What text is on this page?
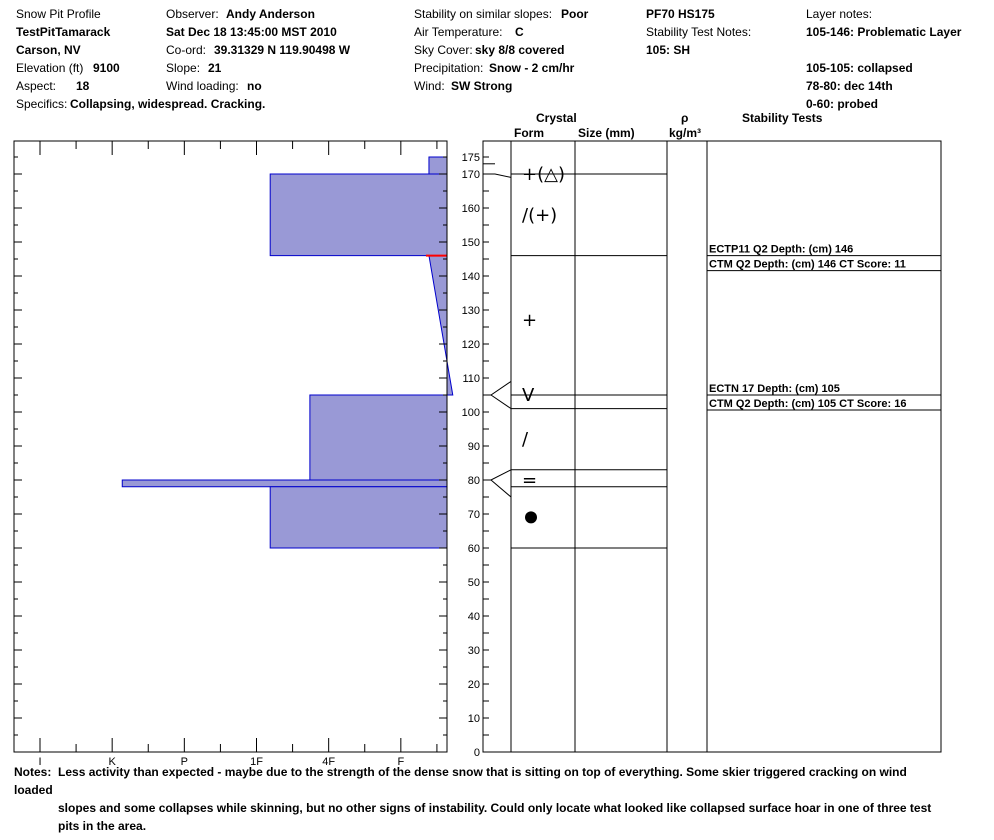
Snow Pit Profile
TestPitTamarack
Carson, NV
Elevation (ft) 9100
Aspect: 18
Specifics: Collapsing, widespread. Cracking.
Observer: Andy Anderson
Sat Dec 18 13:45:00 MST 2010
Co-ord: 39.31329 N 119.90498 W
Slope: 21
Wind loading: no
Stability on similar slopes: Poor
Air Temperature: C
Sky Cover: sky 8/8 covered
Precipitation: Snow - 2 cm/hr
Wind: SW Strong
PF70 HS175
Stability Test Notes:
105: SH
Layer notes:
105-146: Problematic Layer
105-105: collapsed
78-80: dec 14th
0-60: probed
Crystal
Form	Size (mm)
ρ
kg/m³
Stability Tests
I	K	P	1F	4F	F
0
10
20
30
40
50
60
70
80
90
100
110
120
130
140
150
160
170
175
+(△)
/(+)
+
V
/
=
ECTP11 Q2 Depth: (cm) 146
CTM Q2 Depth: (cm) 146 CT Score: 11
ECTN 17 Depth: (cm) 105
CTM Q2 Depth: (cm) 105 CT Score: 16
Notes: Less activity than expected - maybe due to the strength of the dense snow that is sitting on top of everything. Some skier triggered cracking on wind loaded
slopes and some collapses while skinning, but no other signs of instability. Could only locate what looked like collapsed surface hoar in one of three test
pits in the area.
